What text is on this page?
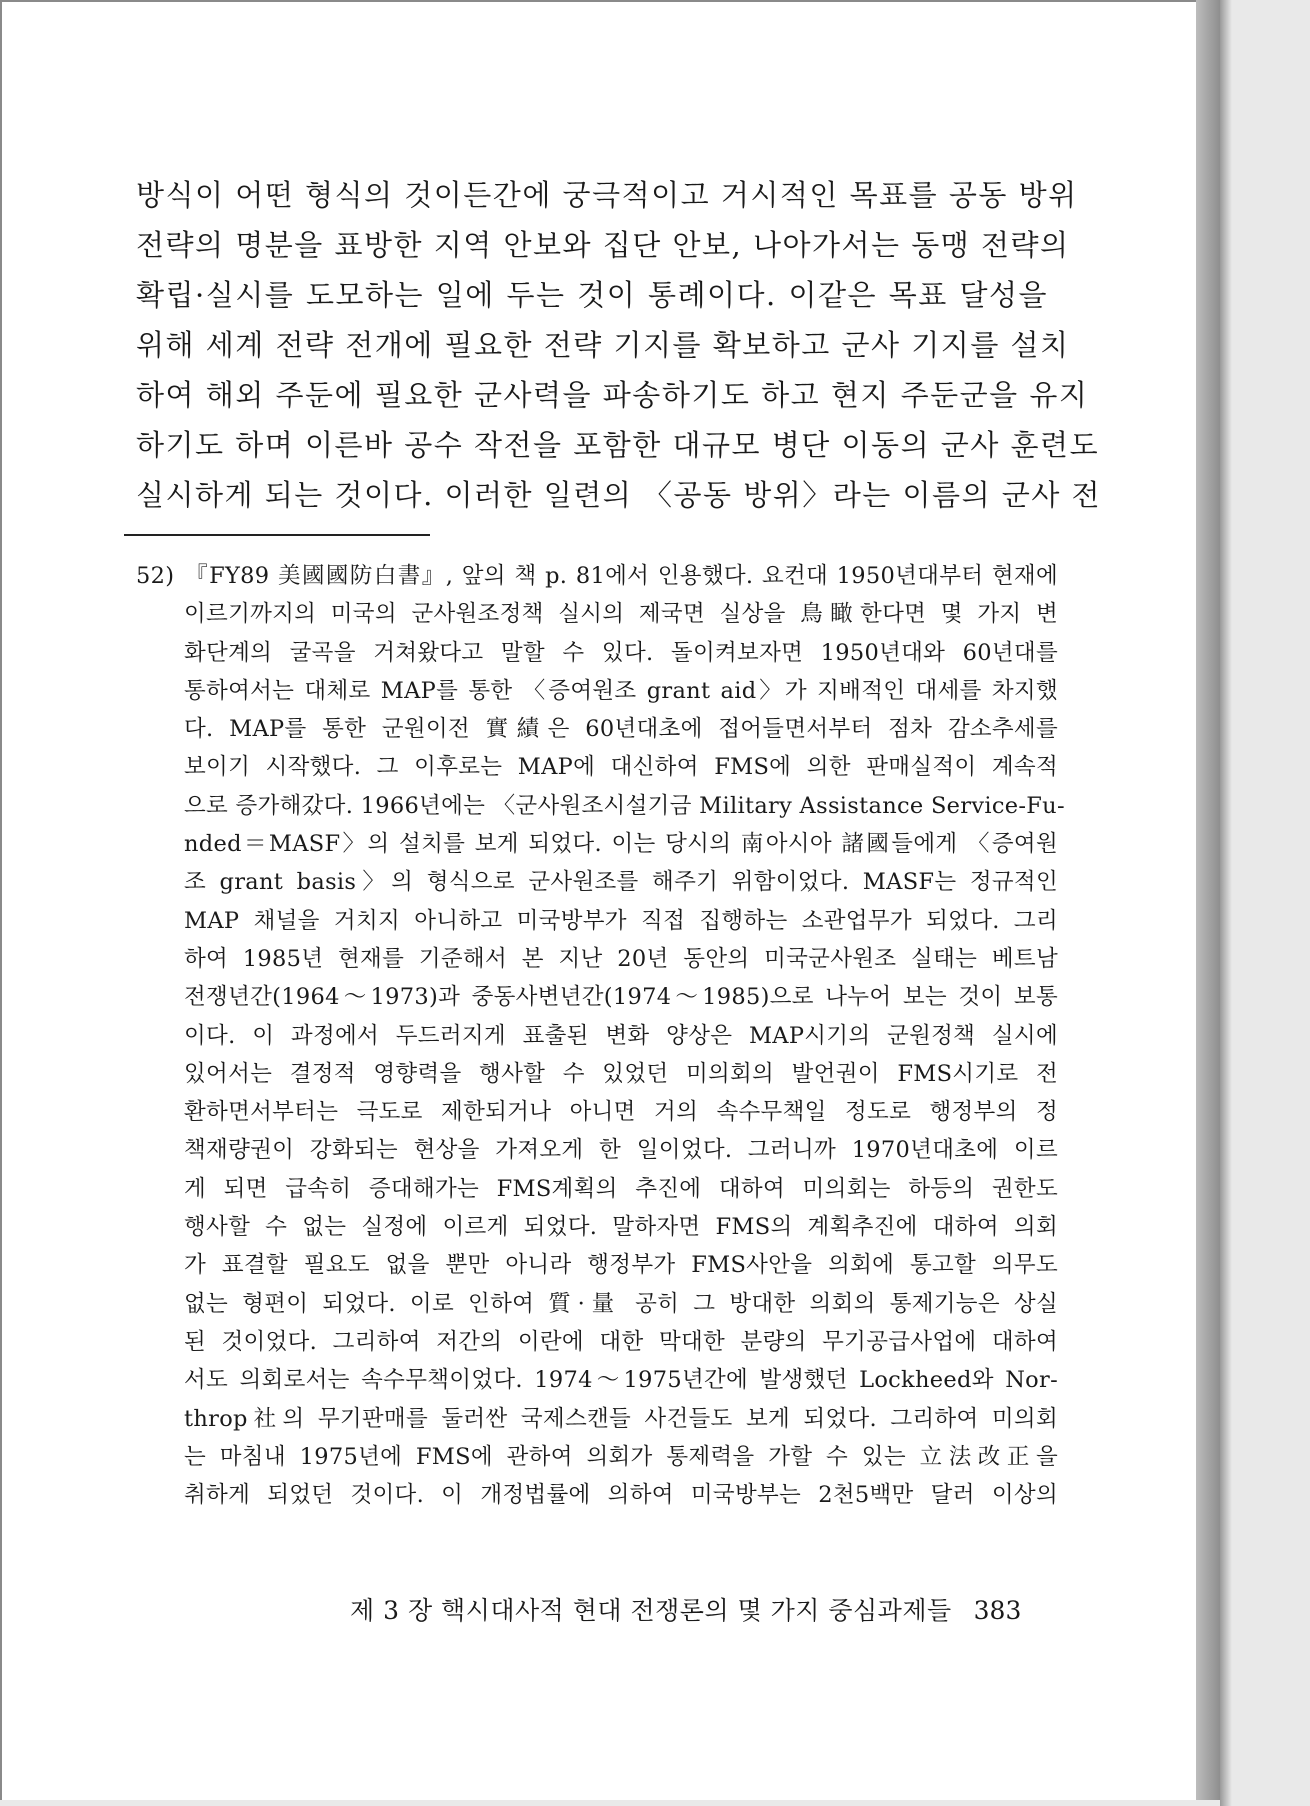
방식이 어떤 형식의 것이든간에 궁극적이고 거시적인 목표를 공동 방위
전략의 명분을 표방한 지역 안보와 집단 안보, 나아가서는 동맹 전략의
확립·실시를 도모하는 일에 두는 것이 통례이다. 이같은 목표 달성을
위해 세계 전략 전개에 필요한 전략 기지를 확보하고 군사 기지를 설치
하여 해외 주둔에 필요한 군사력을 파송하기도 하고 현지 주둔군을 유지
하기도 하며 이른바 공수 작전을 포함한 대규모 병단 이동의 군사 훈련도
실시하게 되는 것이다. 이러한 일련의 〈공동 방위〉라는 이름의 군사 전
52) 『FY89 美國國防白書』, 앞의 책 p. 81에서 인용했다. 요컨대 1950년대부터 현재에
이르기까지의 미국의 군사원조정책 실시의 제국면 실상을 鳥瞰한다면 몇 가지 변
화단계의 굴곡을 거쳐왔다고 말할 수 있다. 돌이켜보자면 1950년대와 60년대를
통하여서는 대체로 MAP를 통한 〈증여원조 grant aid〉가 지배적인 대세를 차지했
다. MAP를 통한 군원이전 實績은 60년대초에 접어들면서부터 점차 감소추세를
보이기 시작했다. 그 이후로는 MAP에 대신하여 FMS에 의한 판매실적이 계속적
으로 증가해갔다. 1966년에는 〈군사원조시설기금 Military Assistance Service-Fu-
nded＝MASF〉의 설치를 보게 되었다. 이는 당시의 南아시아 諸國들에게 〈증여원
조 grant basis〉의 형식으로 군사원조를 해주기 위함이었다. MASF는 정규적인
MAP 채널을 거치지 아니하고 미국방부가 직접 집행하는 소관업무가 되었다. 그리
하여 1985년 현재를 기준해서 본 지난 20년 동안의 미국군사원조 실태는 베트남
전쟁년간(1964～1973)과 중동사변년간(1974～1985)으로 나누어 보는 것이 보통
이다. 이 과정에서 두드러지게 표출된 변화 양상은 MAP시기의 군원정책 실시에
있어서는 결정적 영향력을 행사할 수 있었던 미의회의 발언권이 FMS시기로 전
환하면서부터는 극도로 제한되거나 아니면 거의 속수무책일 정도로 행정부의 정
책재량권이 강화되는 현상을 가져오게 한 일이었다. 그러니까 1970년대초에 이르
게 되면 급속히 증대해가는 FMS계획의 추진에 대하여 미의회는 하등의 권한도
행사할 수 없는 실정에 이르게 되었다. 말하자면 FMS의 계획추진에 대하여 의회
가 표결할 필요도 없을 뿐만 아니라 행정부가 FMS사안을 의회에 통고할 의무도
없는 형편이 되었다. 이로 인하여 質·量 공히 그 방대한 의회의 통제기능은 상실
된 것이었다. 그리하여 저간의 이란에 대한 막대한 분량의 무기공급사업에 대하여
서도 의회로서는 속수무책이었다. 1974～1975년간에 발생했던 Lockheed와 Nor-
throp社의 무기판매를 둘러싼 국제스캔들 사건들도 보게 되었다. 그리하여 미의회
는 마침내 1975년에 FMS에 관하여 의회가 통제력을 가할 수 있는 立法改正을
취하게 되었던 것이다. 이 개정법률에 의하여 미국방부는 2천5백만 달러 이상의
제 3 장 핵시대사적 현대 전쟁론의 몇 가지 중심과제들 383
